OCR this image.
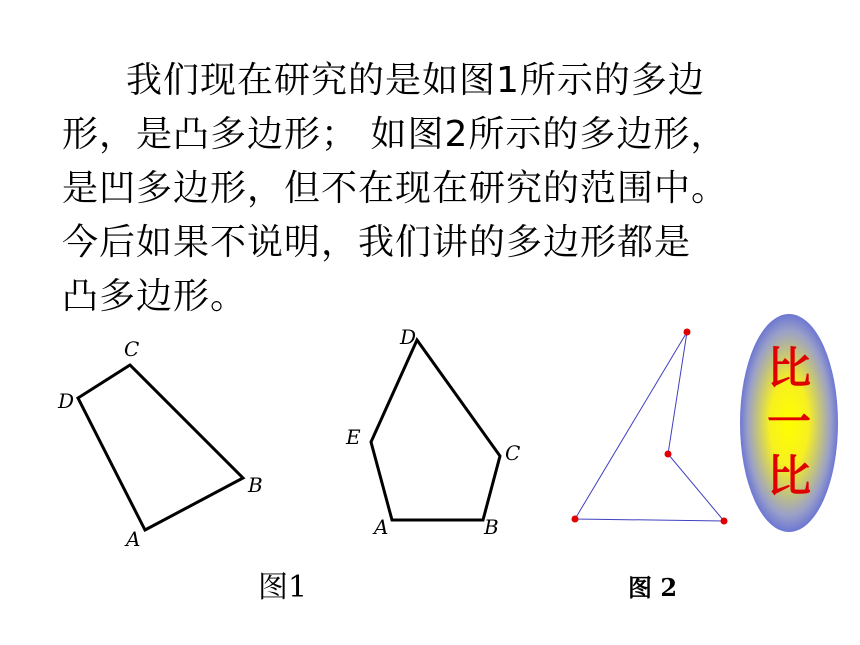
我们现在研究的是如图1所示的多边
形，是凸多边形； 如图2所示的多边形，
是凹多边形，但不在现在研究的范围中。
今后如果不说明，我们讲的多边形都是
凸多边形。

A
B
C
D
A	B
C
D
E
图1	图 2
比
一
比
